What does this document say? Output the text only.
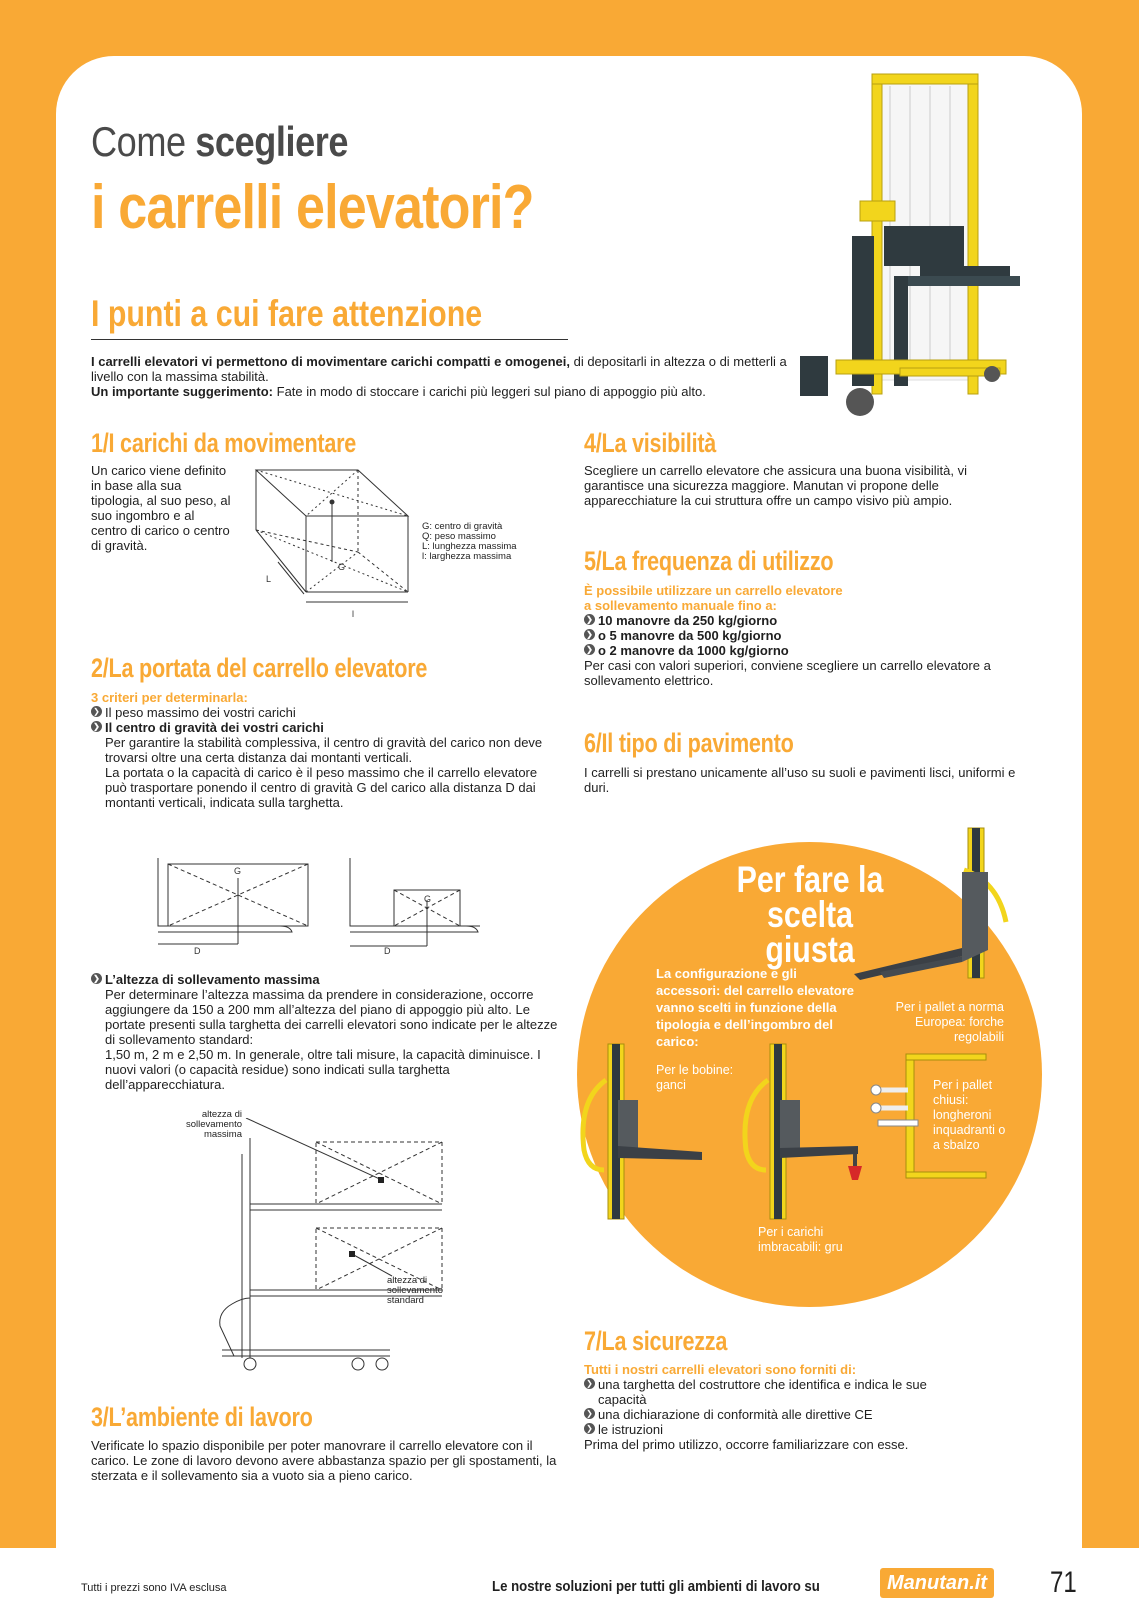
Come scegliere
i carrelli elevatori?
I punti a cui fare attenzione
I carrelli elevatori vi permettono di movimentare carichi compatti e omogenei, di depositarli in altezza o di metterli a livello con la massima stabilità.
Un importante suggerimento: Fate in modo di stoccare i carichi più leggeri sul piano di appoggio più alto.
1/I carichi da movimentare
Un carico viene definito in base alla sua tipologia, al suo peso, al suo ingombro e al centro di carico o centro di gravità.
G
L
l
G: centro di gravità
Q: peso massimo
L: lunghezza massima
l: larghezza massima
2/La portata del carrello elevatore
3 criteri per determinarla:
❯ Il peso massimo dei vostri carichi
❯ Il centro di gravità dei vostri carichi
Per garantire la stabilità complessiva, il centro di gravità del carico non deve trovarsi oltre una certa distanza dai montanti verticali.
La portata o la capacità di carico è il peso massimo che il carrello elevatore può trasportare ponendo il centro di gravità G del carico alla distanza D dai montanti verticali, indicata sulla targhetta.
G
D
G
D
❯ L’altezza di sollevamento massima
Per determinare l’altezza massima da prendere in considerazione, occorre aggiungere da 150 a 200 mm all’altezza del piano di appoggio più alto. Le portate presenti sulla targhetta dei carrelli elevatori sono indicate per le altezze di sollevamento standard:
1,50 m, 2 m e 2,50 m. In generale, oltre tali misure, la capacità diminuisce. I nuovi valori (o capacità residue) sono indicati sulla targhetta dell’apparecchiatura.
altezza di
sollevamento
massima
altezza di
sollevamento
standard
3/L’ambiente di lavoro
Verificate lo spazio disponibile per poter manovrare il carrello elevatore con il carico. Le zone di lavoro devono avere abbastanza spazio per gli spostamenti, la sterzata e il sollevamento sia a vuoto sia a pieno carico.
4/La visibilità
Scegliere un carrello elevatore che assicura una buona visibilità, vi garantisce una sicurezza maggiore. Manutan vi propone delle apparecchiature la cui struttura offre un campo visivo più ampio.
5/La frequenza di utilizzo
È possibile utilizzare un carrello elevatore
a sollevamento manuale fino a:
❯ 10 manovre da 250 kg/giorno
❯ o 5 manovre da 500 kg/giorno
❯ o 2 manovre da 1000 kg/giorno
Per casi con valori superiori, conviene scegliere un carrello elevatore a sollevamento elettrico.
6/Il tipo di pavimento
I carrelli si prestano unicamente all’uso su suoli e pavimenti lisci, uniformi e duri.
Per fare la
scelta giusta
La configurazione e gli accessori: del carrello elevatore vanno scelti in funzione della tipologia e dell’ingombro del carico:
Per i pallet a norma Europea: forche regolabili
Per le bobine: ganci	Per i pallet chiusi: longheroni inquadranti o a sbalzo
Per i carichi imbracabili: gru
7/La sicurezza
Tutti i nostri carrelli elevatori sono forniti di:
❯ una targhetta del costruttore che identifica e indica le sue capacità
❯ una dichiarazione di conformità alle direttive CE
❯ le istruzioni
Prima del primo utilizzo, occorre familiarizzare con esse.
Tutti i prezzi sono IVA esclusa	Le nostre soluzioni per tutti gli ambienti di lavoro su	Manutan.it 71
